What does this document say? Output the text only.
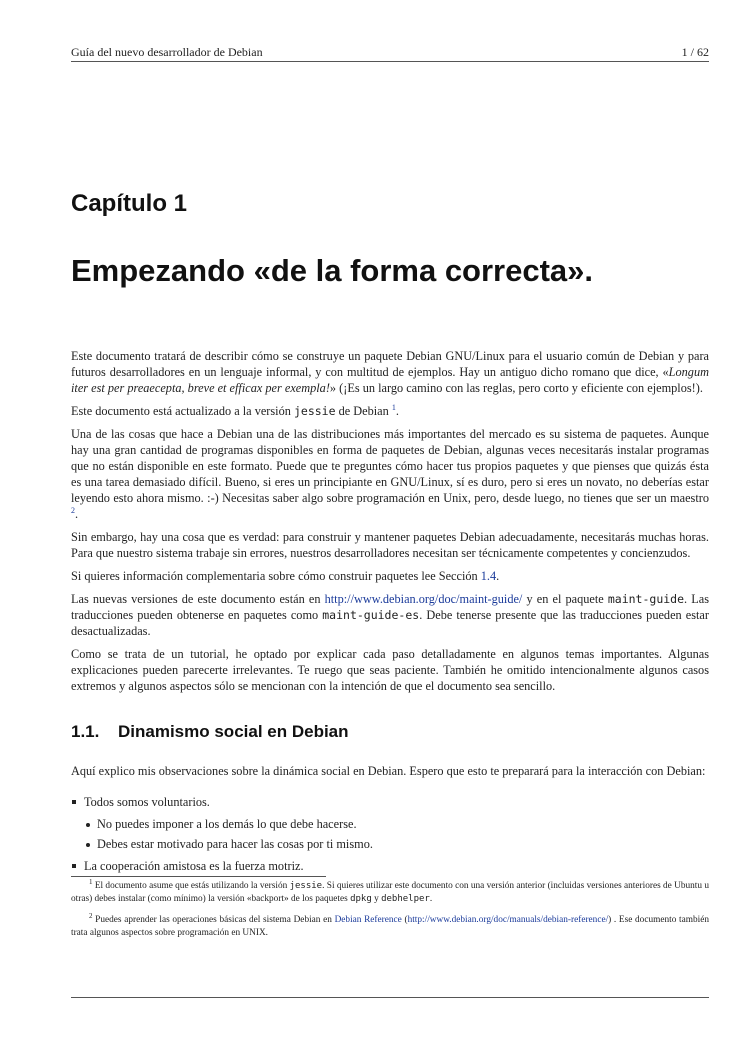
Guía del nuevo desarrollador de Debian	1 / 62
Capítulo 1
Empezando «de la forma correcta».

Este documento tratará de describir cómo se construye un paquete Debian GNU/Linux para el usuario común de Debian y para futuros desarrolladores en un lenguaje informal, y con multitud de ejemplos. Hay un antiguo dicho romano que dice, «Longum iter est per preaecepta, breve et efficax per exempla!» (¡Es un largo camino con las reglas, pero corto y eficiente con ejemplos!).

Este documento está actualizado a la versión jessie de Debian $^1$.

Una de las cosas que hace a Debian una de las distribuciones más importantes del mercado es su sistema de paquetes. Aunque hay una gran cantidad de programas disponibles en forma de paquetes de Debian, algunas veces necesitarás instalar programas que no están disponible en este formato. Puede que te preguntes cómo hacer tus propios paquetes y que pienses que quizás ésta es una tarea demasiado difícil. Bueno, si eres un principiante en GNU/Linux, sí es duro, pero si eres un novato, no deberías estar leyendo esto ahora mismo. :-) Necesitas saber algo sobre programación en Unix, pero, desde luego, no tienes que ser un maestro $^2$.

Sin embargo, hay una cosa que es verdad: para construir y mantener paquetes Debian adecuadamente, necesitarás muchas horas. Para que nuestro sistema trabaje sin errores, nuestros desarrolladores necesitan ser técnicamente competentes y concienzudos.

Si quieres información complementaria sobre cómo construir paquetes lee Sección 1.4.

Las nuevas versiones de este documento están en http://www.debian.org/doc/maint-guide/ y en el paquete maint-guide. Las traducciones pueden obtenerse en paquetes como maint-guide-es. Debe tenerse presente que las traducciones pueden estar desactualizadas.

Como se trata de un tutorial, he optado por explicar cada paso detalladamente en algunos temas importantes. Algunas explicaciones pueden parecerte irrelevantes. Te ruego que seas paciente. También he omitido intencionalmente algunos casos extremos y algunos aspectos sólo se mencionan con la intención de que el documento sea sencillo.

1.1. Dinamismo social en Debian

Aquí explico mis observaciones sobre la dinámica social en Debian. Espero que esto te preparará para la interacción con Debian:

Todos somos voluntarios.
No puedes imponer a los demás lo que debe hacerse.
Debes estar motivado para hacer las cosas por ti mismo.
La cooperación amistosa es la fuerza motriz.

$^1$ El documento asume que estás utilizando la versión jessie. Si quieres utilizar este documento con una versión anterior (incluidas versiones anteriores de Ubuntu u otras) debes instalar (como mínimo) la versión «backport» de los paquetes dpkg y debhelper.

$^2$ Puedes aprender las operaciones básicas del sistema Debian en Debian Reference (http://www.debian.org/doc/manuals/debian-reference/) . Ese documento también trata algunos aspectos sobre programación en UNIX.
